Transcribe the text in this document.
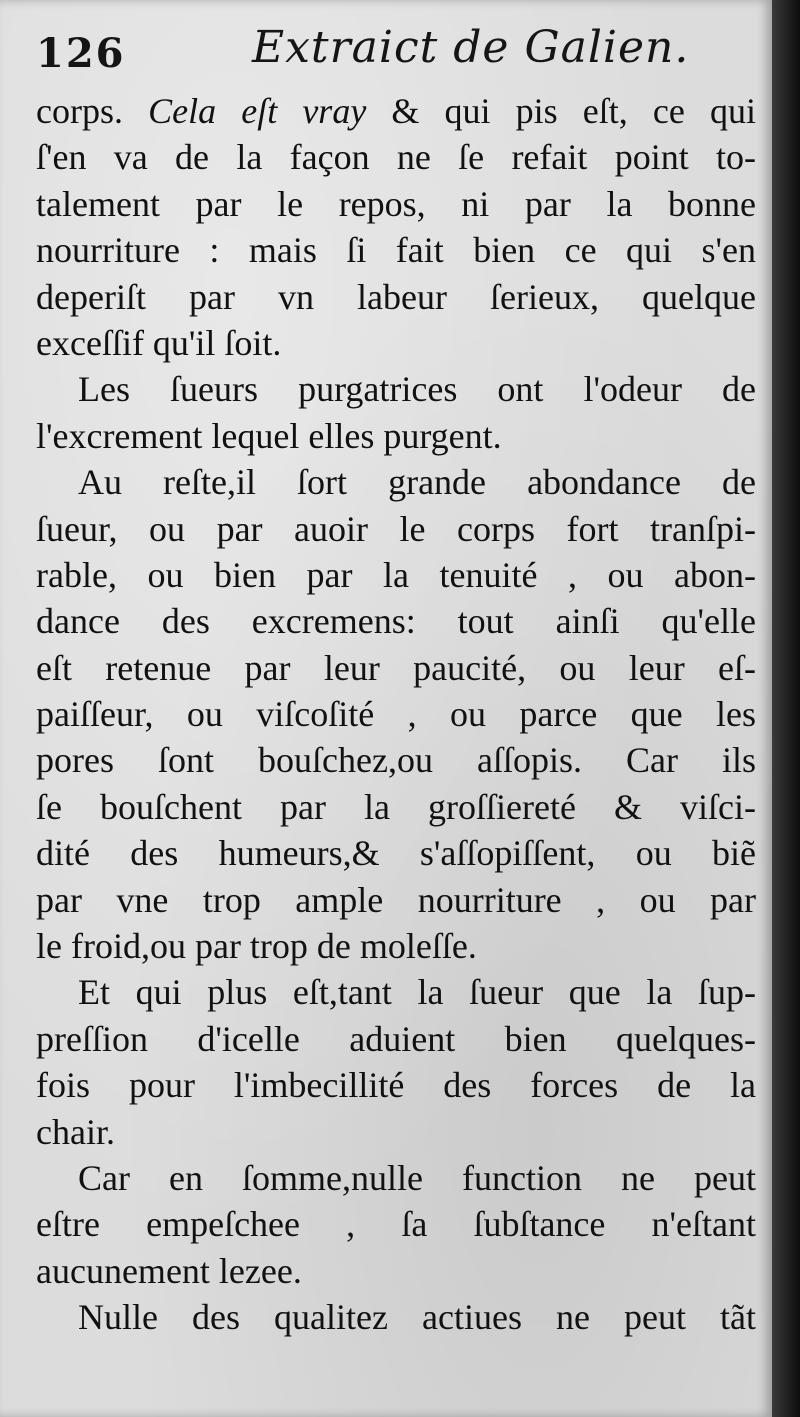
126	Extraict de Galien.
corps. Cela eſt vray & qui pis eſt, ce qui
ſ'en va de la façon ne ſe refait point to-
talement par le repos, ni par la bonne
nourriture : mais ſi fait bien ce qui s'en
deperiſt par vn labeur ſerieux, quelque
exceſſif qu'il ſoit.
Les ſueurs purgatrices ont l'odeur de
l'excrement lequel elles purgent.
Au reſte,il ſort grande abondance de
ſueur, ou par auoir le corps fort tranſpi-
rable, ou bien par la tenuité , ou abon-
dance des excremens: tout ainſi qu'elle
eſt retenue par leur paucité, ou leur eſ-
paiſſeur, ou viſcoſité , ou parce que les
pores ſont bouſchez,ou aſſopis. Car ils
ſe bouſchent par la groſſiereté & viſci-
dité des humeurs,& s'aſſopiſſent, ou biẽ
par vne trop ample nourriture , ou par
le froid,ou par trop de moleſſe.
Et qui plus eſt,tant la ſueur que la ſup-
preſſion d'icelle aduient bien quelques-
fois pour l'imbecillité des forces de la
chair.
Car en ſomme,nulle function ne peut
eſtre empeſchee , ſa ſubſtance n'eſtant
aucunement lezee.
Nulle des qualitez actiues ne peut tãt
